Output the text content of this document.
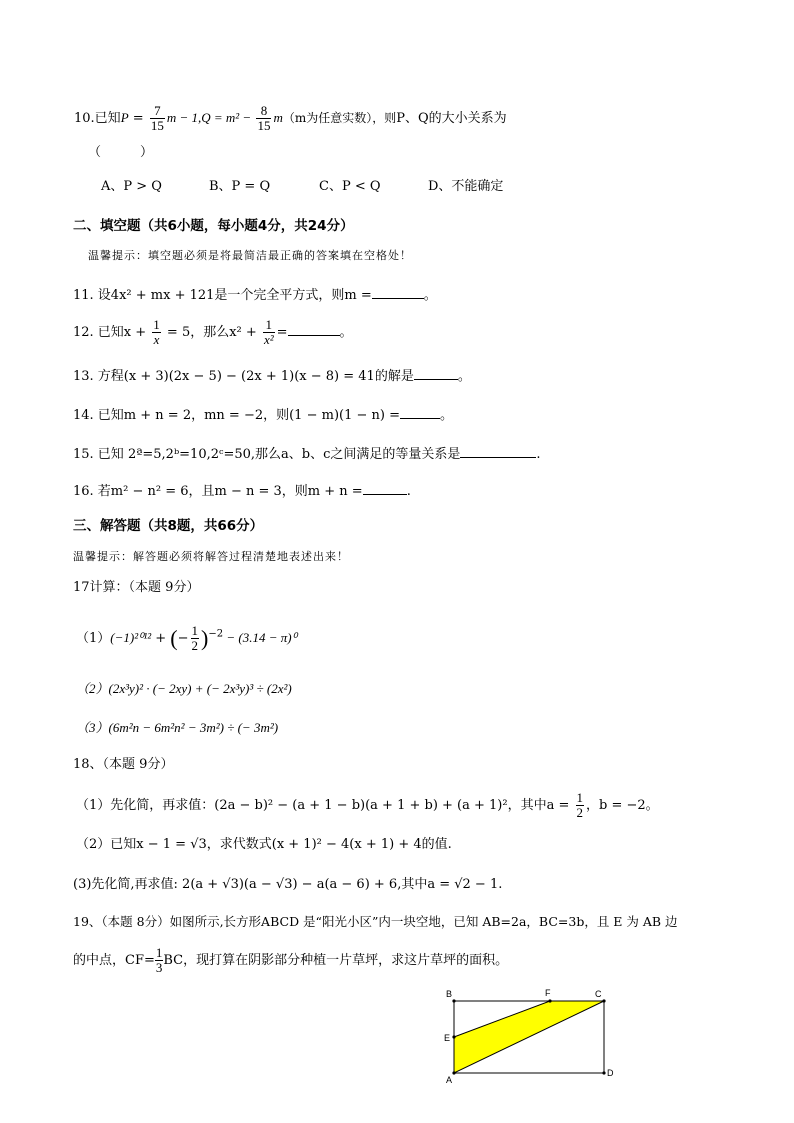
10.已知$P = \frac{7}{15}$ $m - 1,Q = m^2 - \frac{8}{15} m(m$为任意实数），则P、Q的大小关系为
（　　　）
A、P > Q	B、P = Q	C、P < Q	D、不能确定
二、填空题（共6小题，每小题4分，共24分）
温馨提示：填空题必须是将最简洁最正确的答案填在空格处！
11. 设4x² + mx + 121是一个完全平方式，则m =	。
12. 已知$x + \frac{1}{x} = 5$，那么$x^2 + \frac{1}{\text{x²}}$ =	。
13. 方程(x + 3)(2x − 5) − (2x + 1)(x − 8) = 41的解是	。
14. 已知m + n = 2，mn = −2，则(1 − m)(1 − n) =	。
15. 已知 2ª=5,2ᵇ=10,2ᶜ=50,那么a、b、c之间满足的等量关系是	.
16. 若m² − n² = 6，且m − n = 3，则m + n =	.
三、解答题（共8题，共66分）
温馨提示：解答题必须将解答过程清楚地表述出来！
17计算：（本题 9分）
（1）(−1)²⁰¹² + (− $\frac{1}{2} )^{-2} - (3.14 - \pi)^0$
（2）(2x³y)² · (− 2xy) + (− 2x³y)³ ÷ (2x²)
（3）(6m²n − 6m²n² − 3m²) ÷ (− 3m²)
18、（本题 9分）
（1）先化简，再求值：(2a − b)² − (a + 1 − b)(a + 1 + b) + (a + 1)²，其中$a = \frac{1}{2}$ ，b = −2。
（2）已知x − 1 = √3，求代数式(x + 1)² − 4(x + 1) + 4的值.
(3)先化简,再求值: 2(a + √3)(a − √3) − a(a − 6) + 6,其中a = √2 − 1.
19、（本题 8分）如图所示,长方形ABCD 是“阳光小区”内一块空地，已知 AB=2a，BC=3b，且 E 为 AB 边
的中点，$CF= \frac{1}{3}$ BC，现打算在阴影部分种植一片草坪，求这片草坪的面积。
B	F	C
E
A
D
